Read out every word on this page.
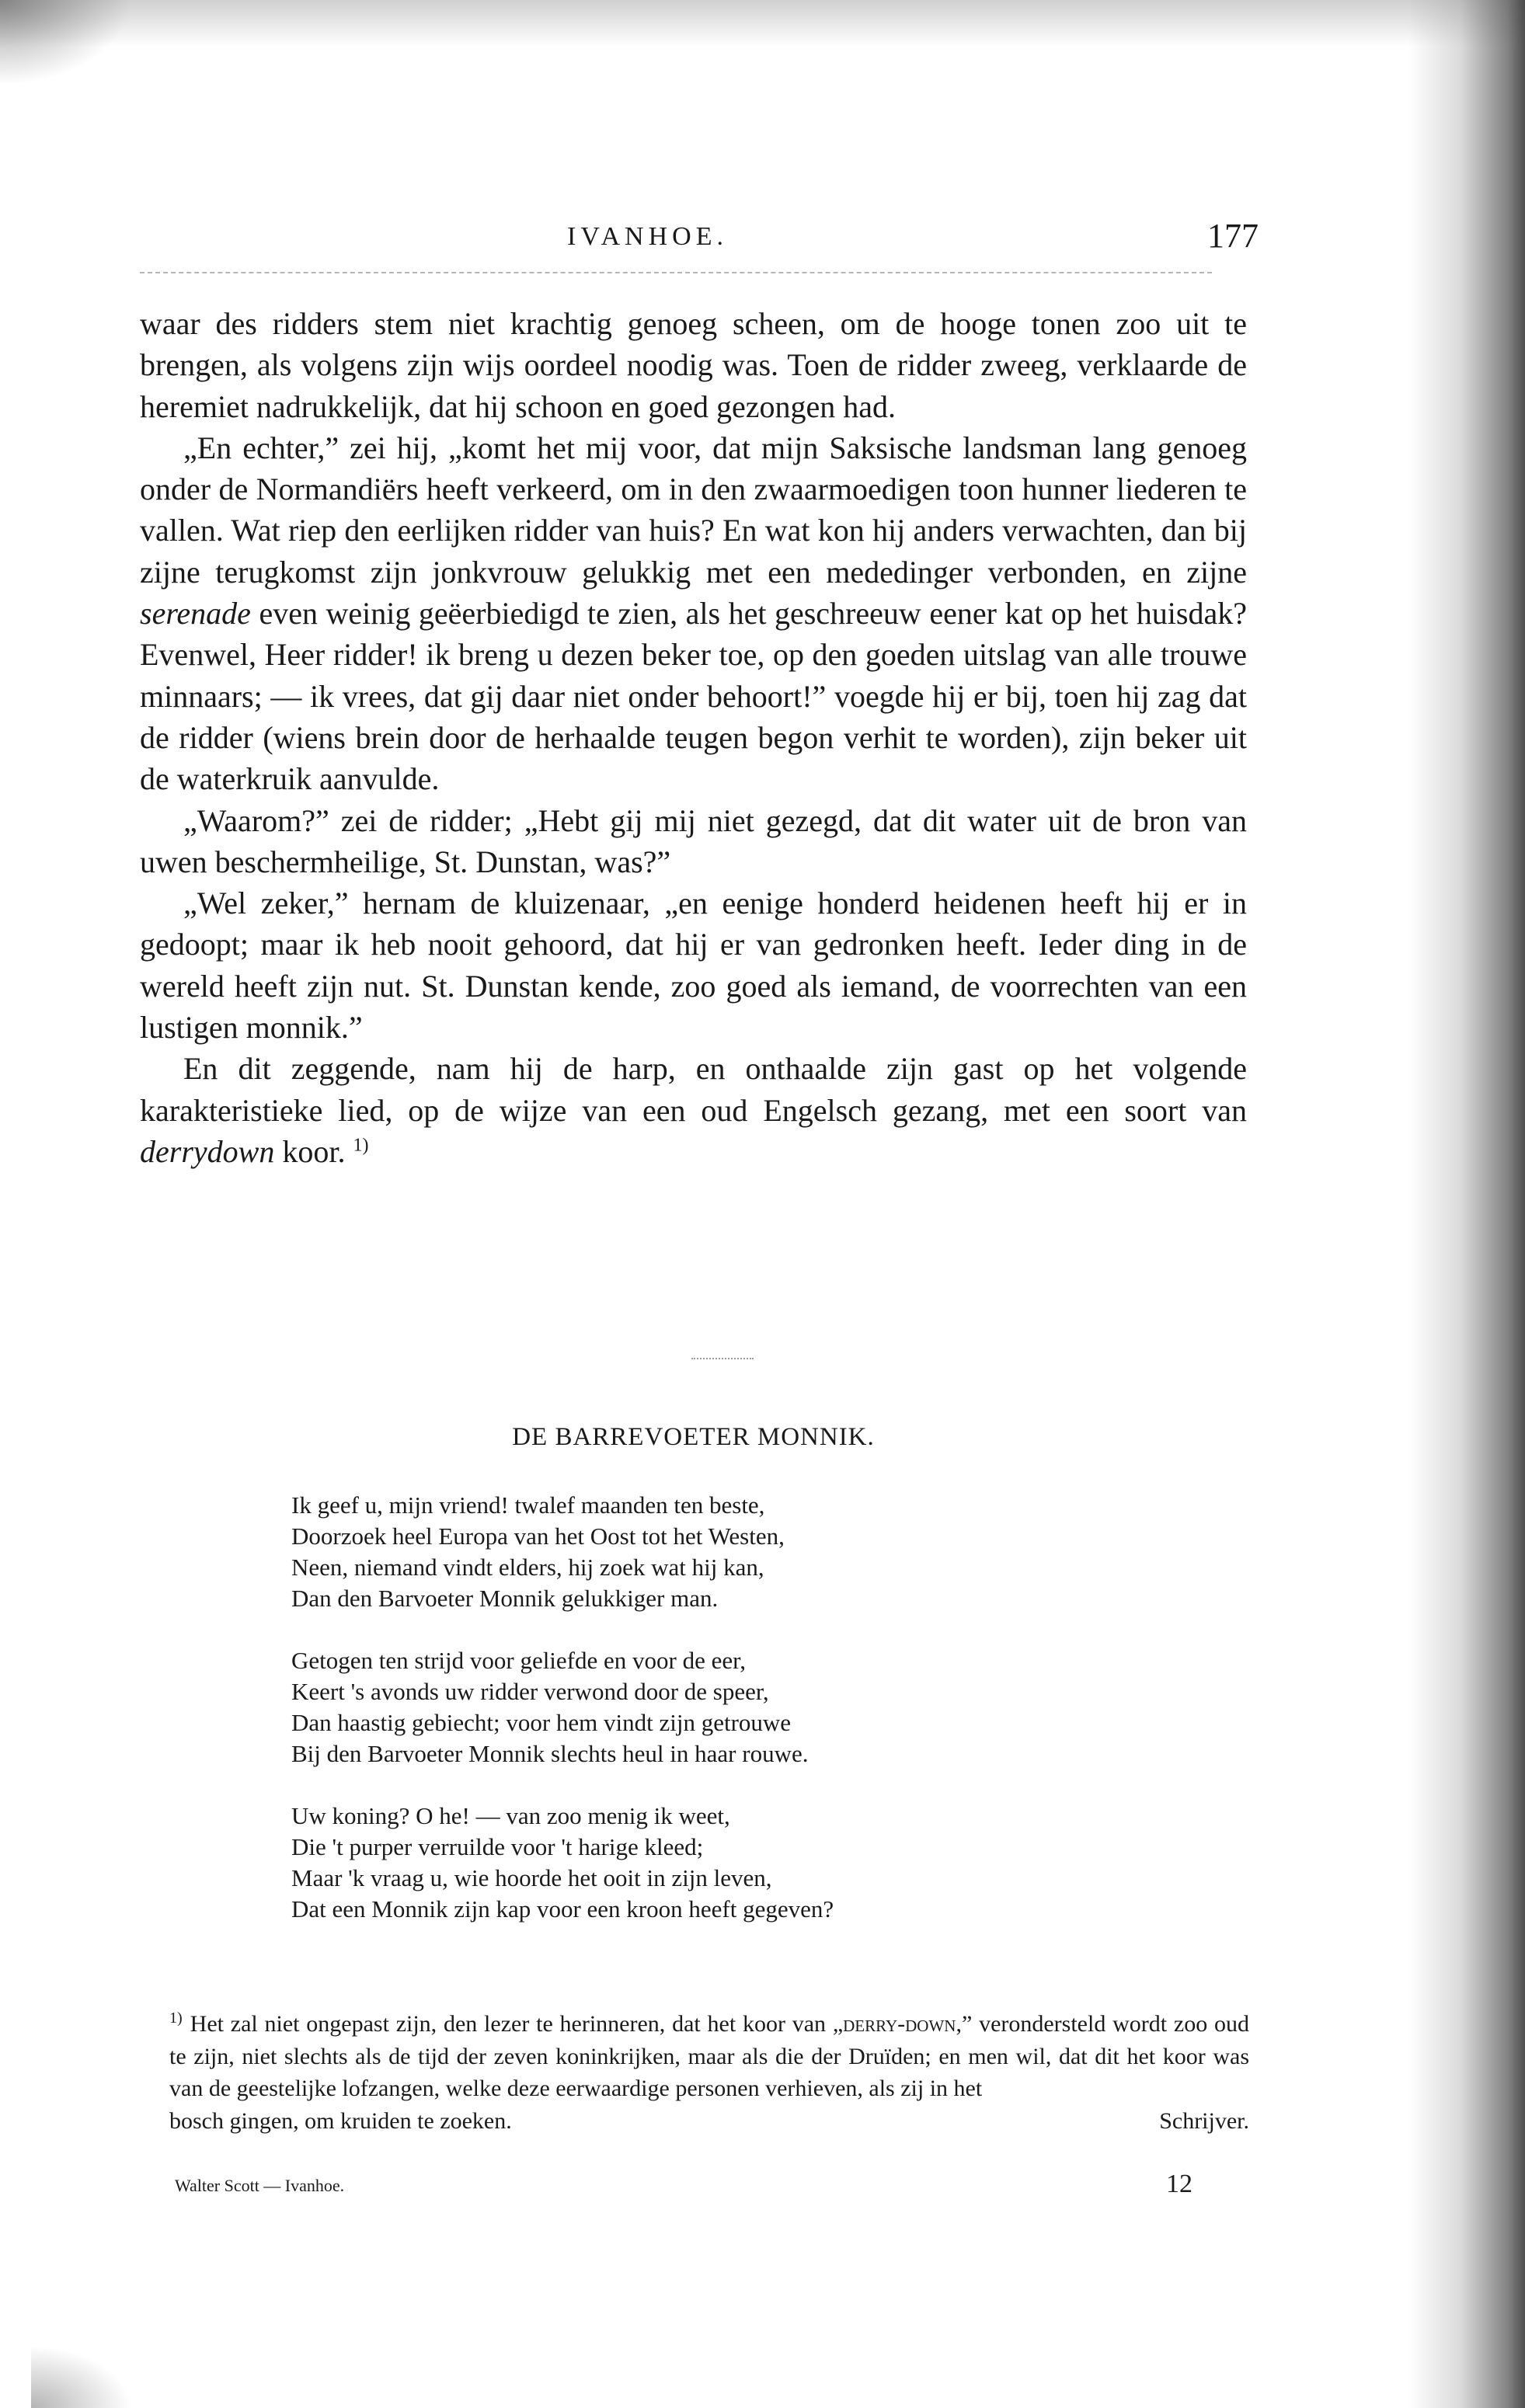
IVANHOE.	177

waar des ridders stem niet krachtig genoeg scheen, om de hooge tonen zoo uit te brengen, als volgens zijn wijs oordeel noodig was. Toen de ridder zweeg, verklaarde de heremiet nadrukkelijk, dat hij schoon en goed gezongen had.

„En echter,” zei hij, „komt het mij voor, dat mijn Saksische landsman lang genoeg onder de Normandiërs heeft verkeerd, om in den zwaarmoedigen toon hunner liederen te vallen. Wat riep den eerlijken ridder van huis? En wat kon hij anders verwachten, dan bij zijne terugkomst zijn jonkvrouw gelukkig met een mededinger verbonden, en zijne serenade even weinig geëerbiedigd te zien, als het geschreeuw eener kat op het huisdak? Evenwel, Heer ridder! ik breng u dezen beker toe, op den goeden uitslag van alle trouwe minnaars; — ik vrees, dat gij daar niet onder behoort!” voegde hij er bij, toen hij zag dat de ridder (wiens brein door de herhaalde teugen begon verhit te worden), zijn beker uit de waterkruik aanvulde.

„Waarom?” zei de ridder; „Hebt gij mij niet gezegd, dat dit water uit de bron van uwen beschermheilige, St. Dunstan, was?”

„Wel zeker,” hernam de kluizenaar, „en eenige honderd heidenen heeft hij er in gedoopt; maar ik heb nooit gehoord, dat hij er van gedronken heeft. Ieder ding in de wereld heeft zijn nut. St. Dunstan kende, zoo goed als iemand, de voorrechten van een lustigen monnik.”

En dit zeggende, nam hij de harp, en onthaalde zijn gast op het volgende karakteristieke lied, op de wijze van een oud Engelsch gezang, met een soort van derrydown koor. $^{1)}$

DE BARREVOETER MONNIK.
Ik geef u, mijn vriend! twalef maanden ten beste,
Doorzoek heel Europa van het Oost tot het Westen,
Neen, niemand vindt elders, hij zoek wat hij kan,
Dan den Barvoeter Monnik gelukkiger man.
Getogen ten strijd voor geliefde en voor de eer,
Keert 's avonds uw ridder verwond door de speer,
Dan haastig gebiecht; voor hem vindt zijn getrouwe
Bij den Barvoeter Monnik slechts heul in haar rouwe.
Uw koning? O he! — van zoo menig ik weet,
Die 't purper verruilde voor 't harige kleed;
Maar 'k vraag u, wie hoorde het ooit in zijn leven,
Dat een Monnik zijn kap voor een kroon heeft gegeven?
$^{1)}$ Het zal niet ongepast zijn, den lezer te herinneren, dat het koor van „derry-down,” verondersteld wordt zoo oud te zijn, niet slechts als de tijd der zeven koninkrijken, maar als die der Druïden; en men wil, dat dit het koor was van de geestelijke lofzangen, welke deze eerwaardige personen verhieven, als zij in het
bosch gingen, om kruiden te zoeken.	Schrijver.
Walter Scott — Ivanhoe.	12
